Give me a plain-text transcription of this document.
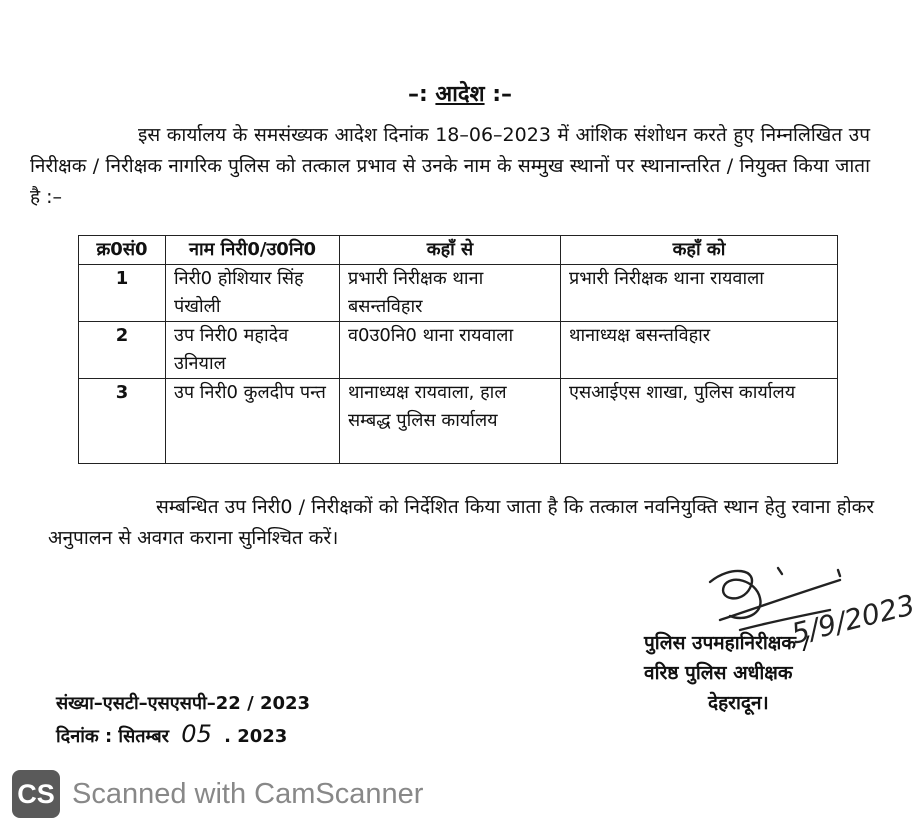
–: आदेश :–
इस कार्यालय के समसंख्यक आदेश दिनांक 18–06–2023 में आंशिक संशोधन करते हुए निम्नलिखित उप निरीक्षक / निरीक्षक नागरिक पुलिस को तत्काल प्रभाव से उनके नाम के सम्मुख स्थानों पर स्थानान्तरित / नियुक्त किया जाता है :–
क्र0सं0	नाम निरी0/उ0नि0	कहाँ से	कहाँ को
1	निरी0 होशियार सिंह पंखोली	प्रभारी निरीक्षक थाना बसन्तविहार	प्रभारी निरीक्षक थाना रायवाला
2	उप निरी0 महादेव उनियाल	व0उ0नि0 थाना रायवाला	थानाध्यक्ष बसन्तविहार
3	उप निरी0 कुलदीप पन्त	थानाध्यक्ष रायवाला, हाल सम्बद्ध पुलिस कार्यालय	एसआईएस शाखा, पुलिस कार्यालय
सम्बन्धित उप निरी0 / निरीक्षकों को निर्देशित किया जाता है कि तत्काल नवनियुक्ति स्थान हेतु रवाना होकर अनुपालन से अवगत कराना सुनिश्चित करें।
5/9/2023
पुलिस उपमहानिरीक्षक /
वरिष्ठ पुलिस अधीक्षक
देहरादून।
संख्या–एसटी–एसएसपी–22 / 2023
दिनांक : सितम्बर 05 . 2023
CS Scanned with CamScanner
